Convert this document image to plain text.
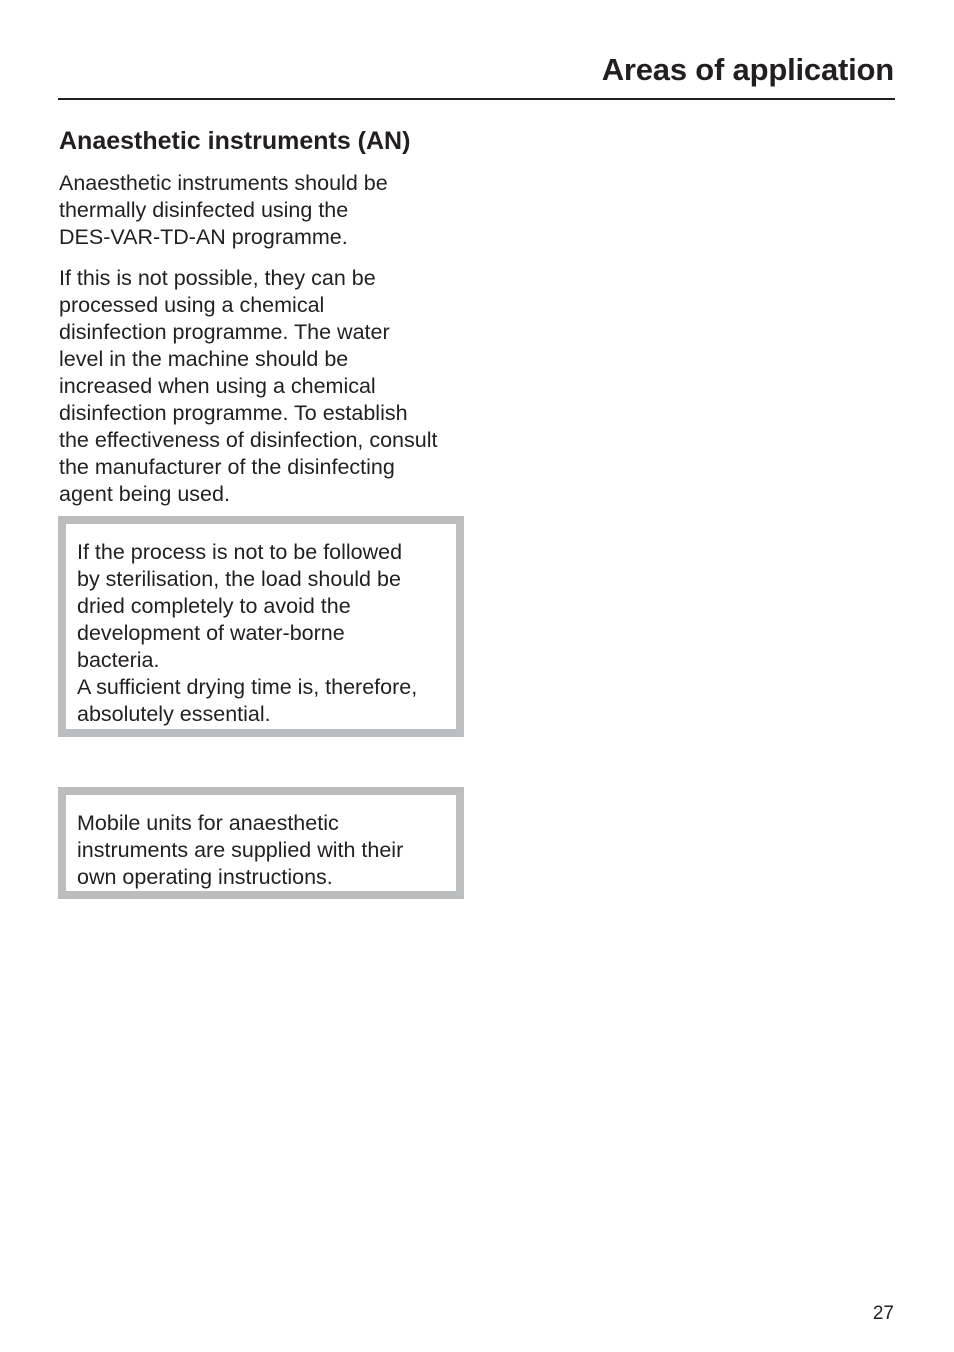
Areas of application
Anaesthetic instruments (AN)

Anaesthetic instruments should be
thermally disinfected using the
DES-VAR-TD-AN programme.

If this is not possible, they can be
processed using a chemical
disinfection programme. The water
level in the machine should be
increased when using a chemical
disinfection programme. To establish
the effectiveness of disinfection, consult
the manufacturer of the disinfecting
agent being used.

If the process is not to be followed
by sterilisation, the load should be
dried completely to avoid the
development of water-borne
bacteria.
A sufficient drying time is, therefore,
absolutely essential.
Mobile units for anaesthetic
instruments are supplied with their
own operating instructions.
27
